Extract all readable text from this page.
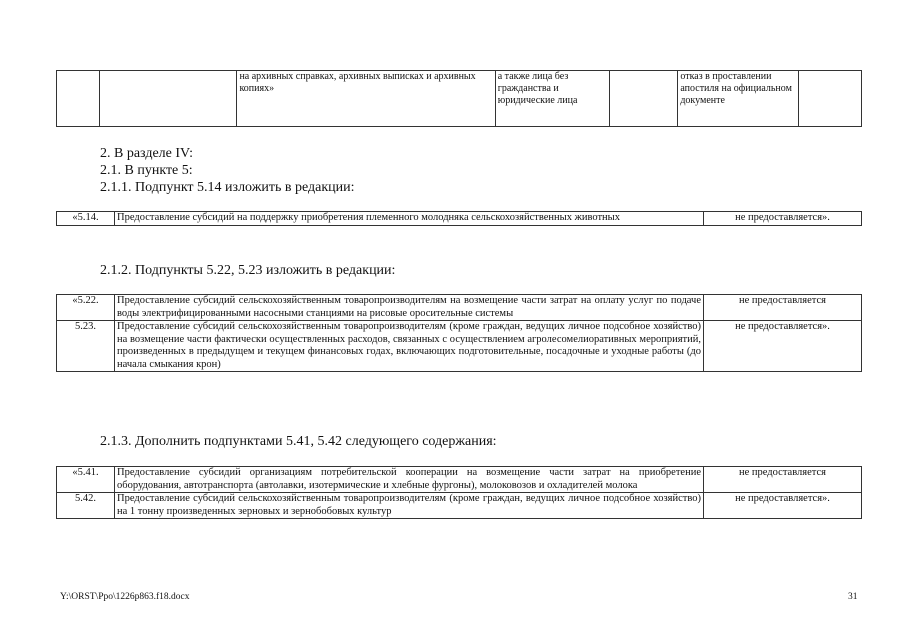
		на архивных справках, архивных выписках и архивных копиях»	а также лица без гражданства и юридические лица		отказ в проставлении апостиля на официальном документе	
2. В разделе IV:
2.1. В пункте 5:
2.1.1. Подпункт 5.14 изложить в редакции:
«5.14.	Предоставление субсидий на поддержку приобретения племенного молодняка сельскохозяйственных животных	не предоставляется».
2.1.2. Подпункты 5.22, 5.23 изложить в редакции:
«5.22.	Предоставление субсидий сельскохозяйственным товаропроизводителям на возмещение части затрат на оплату услуг по подаче воды электрифицированными насосными станциями на рисовые оросительные системы	не предоставляется
5.23.	Предоставление субсидий сельскохозяйственным товаропроизводителям (кроме граждан, ведущих личное подсобное хозяйство) на возмещение части фактически осуществленных расходов, связанных с осуществлением агролесомелиоративных мероприятий, произведенных в предыдущем и текущем финансовых годах, включающих подготовительные, посадочные и уходные работы (до начала смыкания крон)	не предоставляется».
2.1.3. Дополнить подпунктами 5.41, 5.42 следующего содержания:
«5.41.	Предоставление субсидий организациям потребительской кооперации на возмещение части затрат на приобретение оборудования, автотранспорта (автолавки, изотермические и хлебные фургоны), молоковозов и охладителей молока	не предоставляется
5.42.	Предоставление субсидий сельскохозяйственным товаропроизводителям (кроме граждан, ведущих личное подсобное хозяйство) на 1 тонну произведенных зерновых и зернобобовых культур	не предоставляется».
Y:\ORST\Ppo\1226p863.f18.docx	31
